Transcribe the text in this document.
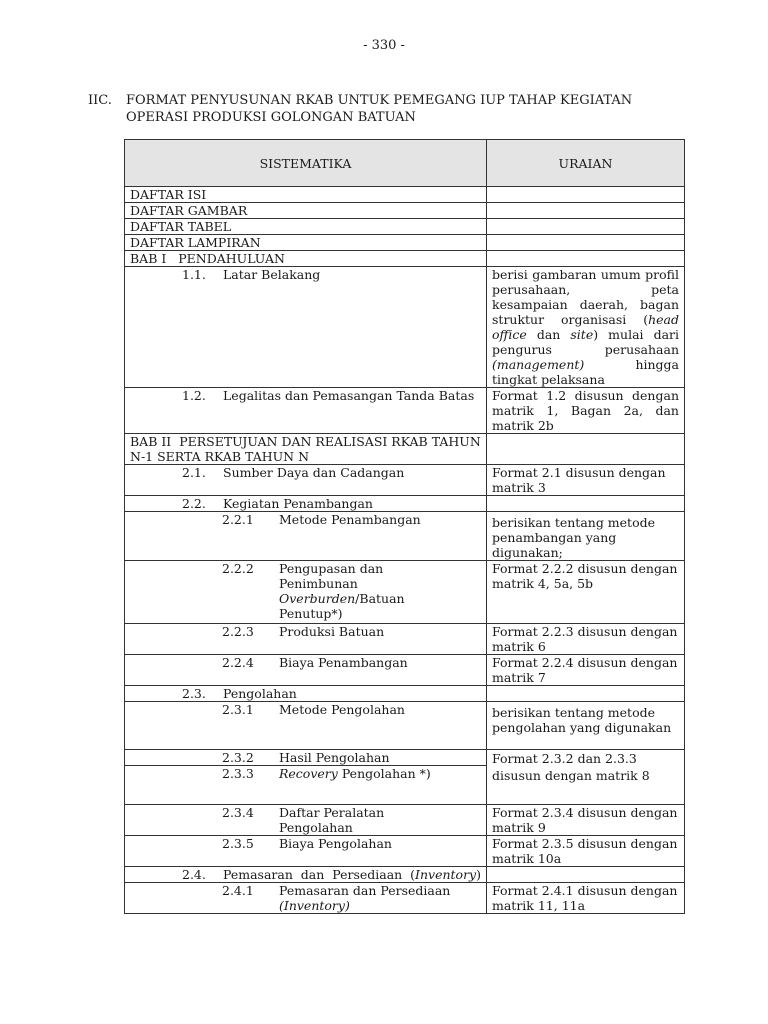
- 330 -
IIC. FORMAT PENYUSUNAN RKAB UNTUK PEMEGANG IUP TAHAP KEGIATAN
OPERASI PRODUKSI GOLONGAN BATUAN
SISTEMATIKA	URAIAN
DAFTAR ISI	
DAFTAR GAMBAR	
DAFTAR TABEL	
DAFTAR LAMPIRAN	
BAB I   PENDAHULUAN	

1.1. Latar Belakang	berisi gambaran umum profil perusahaan, peta kesampaian daerah, bagan struktur organisasi (head office dan site) mulai dari pengurus perusahaan (management) hingga tingkat pelaksana

1.2. Legalitas dan Pemasangan Tanda Batas	Format 1.2 disusun dengan matrik 1, Bagan 2a, dan matrik 2b
BAB II  PERSETUJUAN DAN REALISASI RKAB TAHUN N-1 SERTA RKAB TAHUN N	

2.1. Sumber Daya dan Cadangan	Format 2.1 disusun dengan matrik 3

2.2. Kegiatan Penambangan	

2.2.1 Metode Penambangan	berisikan tentang metode penambangan yang digunakan;

2.2.2 Pengupasan dan Penimbunan Overburden/Batuan Penutup*)	Format 2.2.2 disusun dengan matrik 4, 5a, 5b

2.2.3 Produksi Batuan	Format 2.2.3 disusun dengan matrik 6

2.2.4 Biaya Penambangan	Format 2.2.4 disusun dengan matrik 7

2.3. Pengolahan	

2.3.1 Metode Pengolahan	berisikan tentang metode pengolahan yang digunakan

2.3.2 Hasil Pengolahan	Format 2.3.2 dan 2.3.3 disusun dengan matrik 8

2.3.3 Recovery Pengolahan *)	

2.3.4 Daftar Peralatan Pengolahan	Format 2.3.4 disusun dengan matrik 9

2.3.5 Biaya Pengolahan	Format 2.3.5 disusun dengan matrik 10a

2.4. Pemasaran dan Persediaan (Inventory)	

2.4.1 Pemasaran dan Persediaan (Inventory)	Format 2.4.1 disusun dengan matrik 11, 11a
